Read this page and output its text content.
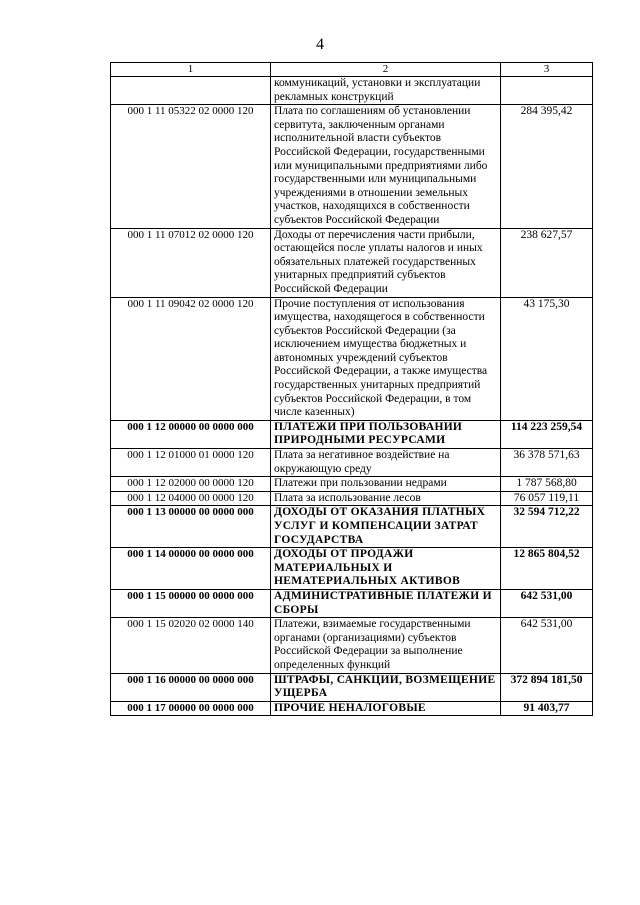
4
1	2	3
	коммуникаций, установки и эксплуатации рекламных конструкций	
000 1 11 05322 02 0000 120	Плата по соглашениям об установлении сервитута, заключенным органами исполнительной власти субъектов Российской Федерации, государственными или муниципальными предприятиями либо государственными или муниципальными учреждениями в отношении земельных участков, находящихся в собственности субъектов Российской Федерации	284 395,42
000 1 11 07012 02 0000 120	Доходы от перечисления части прибыли, остающейся после уплаты налогов и иных обязательных платежей государственных унитарных предприятий субъектов Российской Федерации	238 627,57
000 1 11 09042 02 0000 120	Прочие поступления от использования имущества, находящегося в собственности субъектов Российской Федерации (за исключением имущества бюджетных и автономных учреждений субъектов Российской Федерации, а также имущества государственных унитарных предприятий субъектов Российской Федерации, в том числе казенных)	43 175,30
000 1 12 00000 00 0000 000	ПЛАТЕЖИ ПРИ ПОЛЬЗОВАНИИ ПРИРОДНЫМИ РЕСУРСАМИ	114 223 259,54
000 1 12 01000 01 0000 120	Плата за негативное воздействие на окружающую среду	36 378 571,63
000 1 12 02000 00 0000 120	Платежи при пользовании недрами	1 787 568,80
000 1 12 04000 00 0000 120	Плата за использование лесов	76 057 119,11
000 1 13 00000 00 0000 000	ДОХОДЫ ОТ ОКАЗАНИЯ ПЛАТНЫХ УСЛУГ И КОМПЕНСАЦИИ ЗАТРАТ ГОСУДАРСТВА	32 594 712,22
000 1 14 00000 00 0000 000	ДОХОДЫ ОТ ПРОДАЖИ МАТЕРИАЛЬНЫХ И НЕМАТЕРИАЛЬНЫХ АКТИВОВ	12 865 804,52
000 1 15 00000 00 0000 000	АДМИНИСТРАТИВНЫЕ ПЛАТЕЖИ И СБОРЫ	642 531,00
000 1 15 02020 02 0000 140	Платежи, взимаемые государственными органами (организациями) субъектов Российской Федерации за выполнение определенных функций	642 531,00
000 1 16 00000 00 0000 000	ШТРАФЫ, САНКЦИИ, ВОЗМЕЩЕНИЕ УЩЕРБА	372 894 181,50
000 1 17 00000 00 0000 000	ПРОЧИЕ НЕНАЛОГОВЫЕ	91 403,77
